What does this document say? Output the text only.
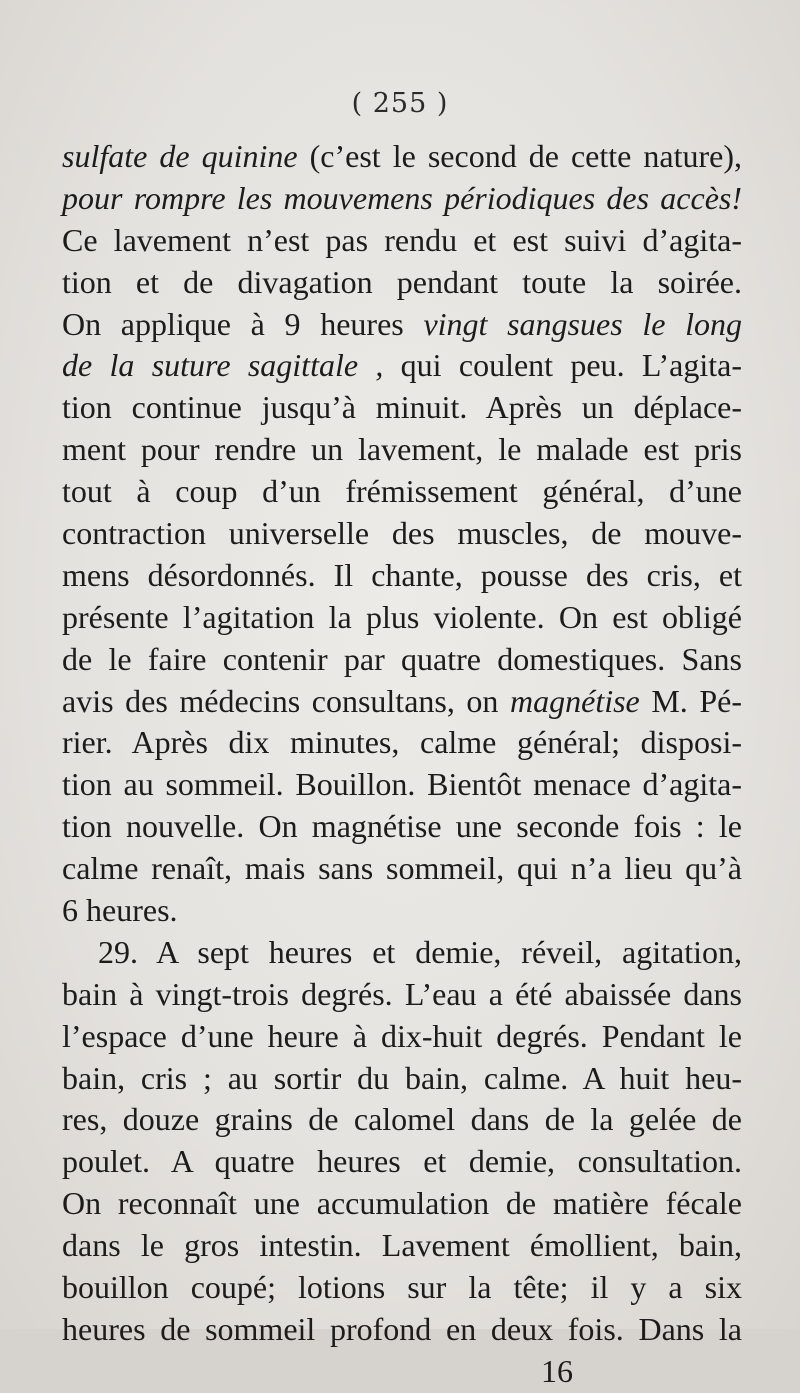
( 255 )
sulfate de quinine (c’est le second de cette nature),
pour rompre les mouvemens périodiques des accès!
Ce lavement n’est pas rendu et est suivi d’agita-
tion et de divagation pendant toute la soirée.
On applique à 9 heures vingt sangsues le long
de la suture sagittale , qui coulent peu. L’agita-
tion continue jusqu’à minuit. Après un déplace-
ment pour rendre un lavement, le malade est pris
tout à coup d’un frémissement général, d’une
contraction universelle des muscles, de mouve-
mens désordonnés. Il chante, pousse des cris, et
présente l’agitation la plus violente. On est obligé
de le faire contenir par quatre domestiques. Sans
avis des médecins consultans, on magnétise M. Pé-
rier. Après dix minutes, calme général; disposi-
tion au sommeil. Bouillon. Bientôt menace d’agita-
tion nouvelle. On magnétise une seconde fois : le
calme renaît, mais sans sommeil, qui n’a lieu qu’à
6 heures.
29. A sept heures et demie, réveil, agitation,
bain à vingt-trois degrés. L’eau a été abaissée dans
l’espace d’une heure à dix-huit degrés. Pendant le
bain, cris ; au sortir du bain, calme. A huit heu-
res, douze grains de calomel dans de la gelée de
poulet. A quatre heures et demie, consultation.
On reconnaît une accumulation de matière fécale
dans le gros intestin. Lavement émollient, bain,
bouillon coupé; lotions sur la tête; il y a six
heures de sommeil profond en deux fois. Dans la
16
